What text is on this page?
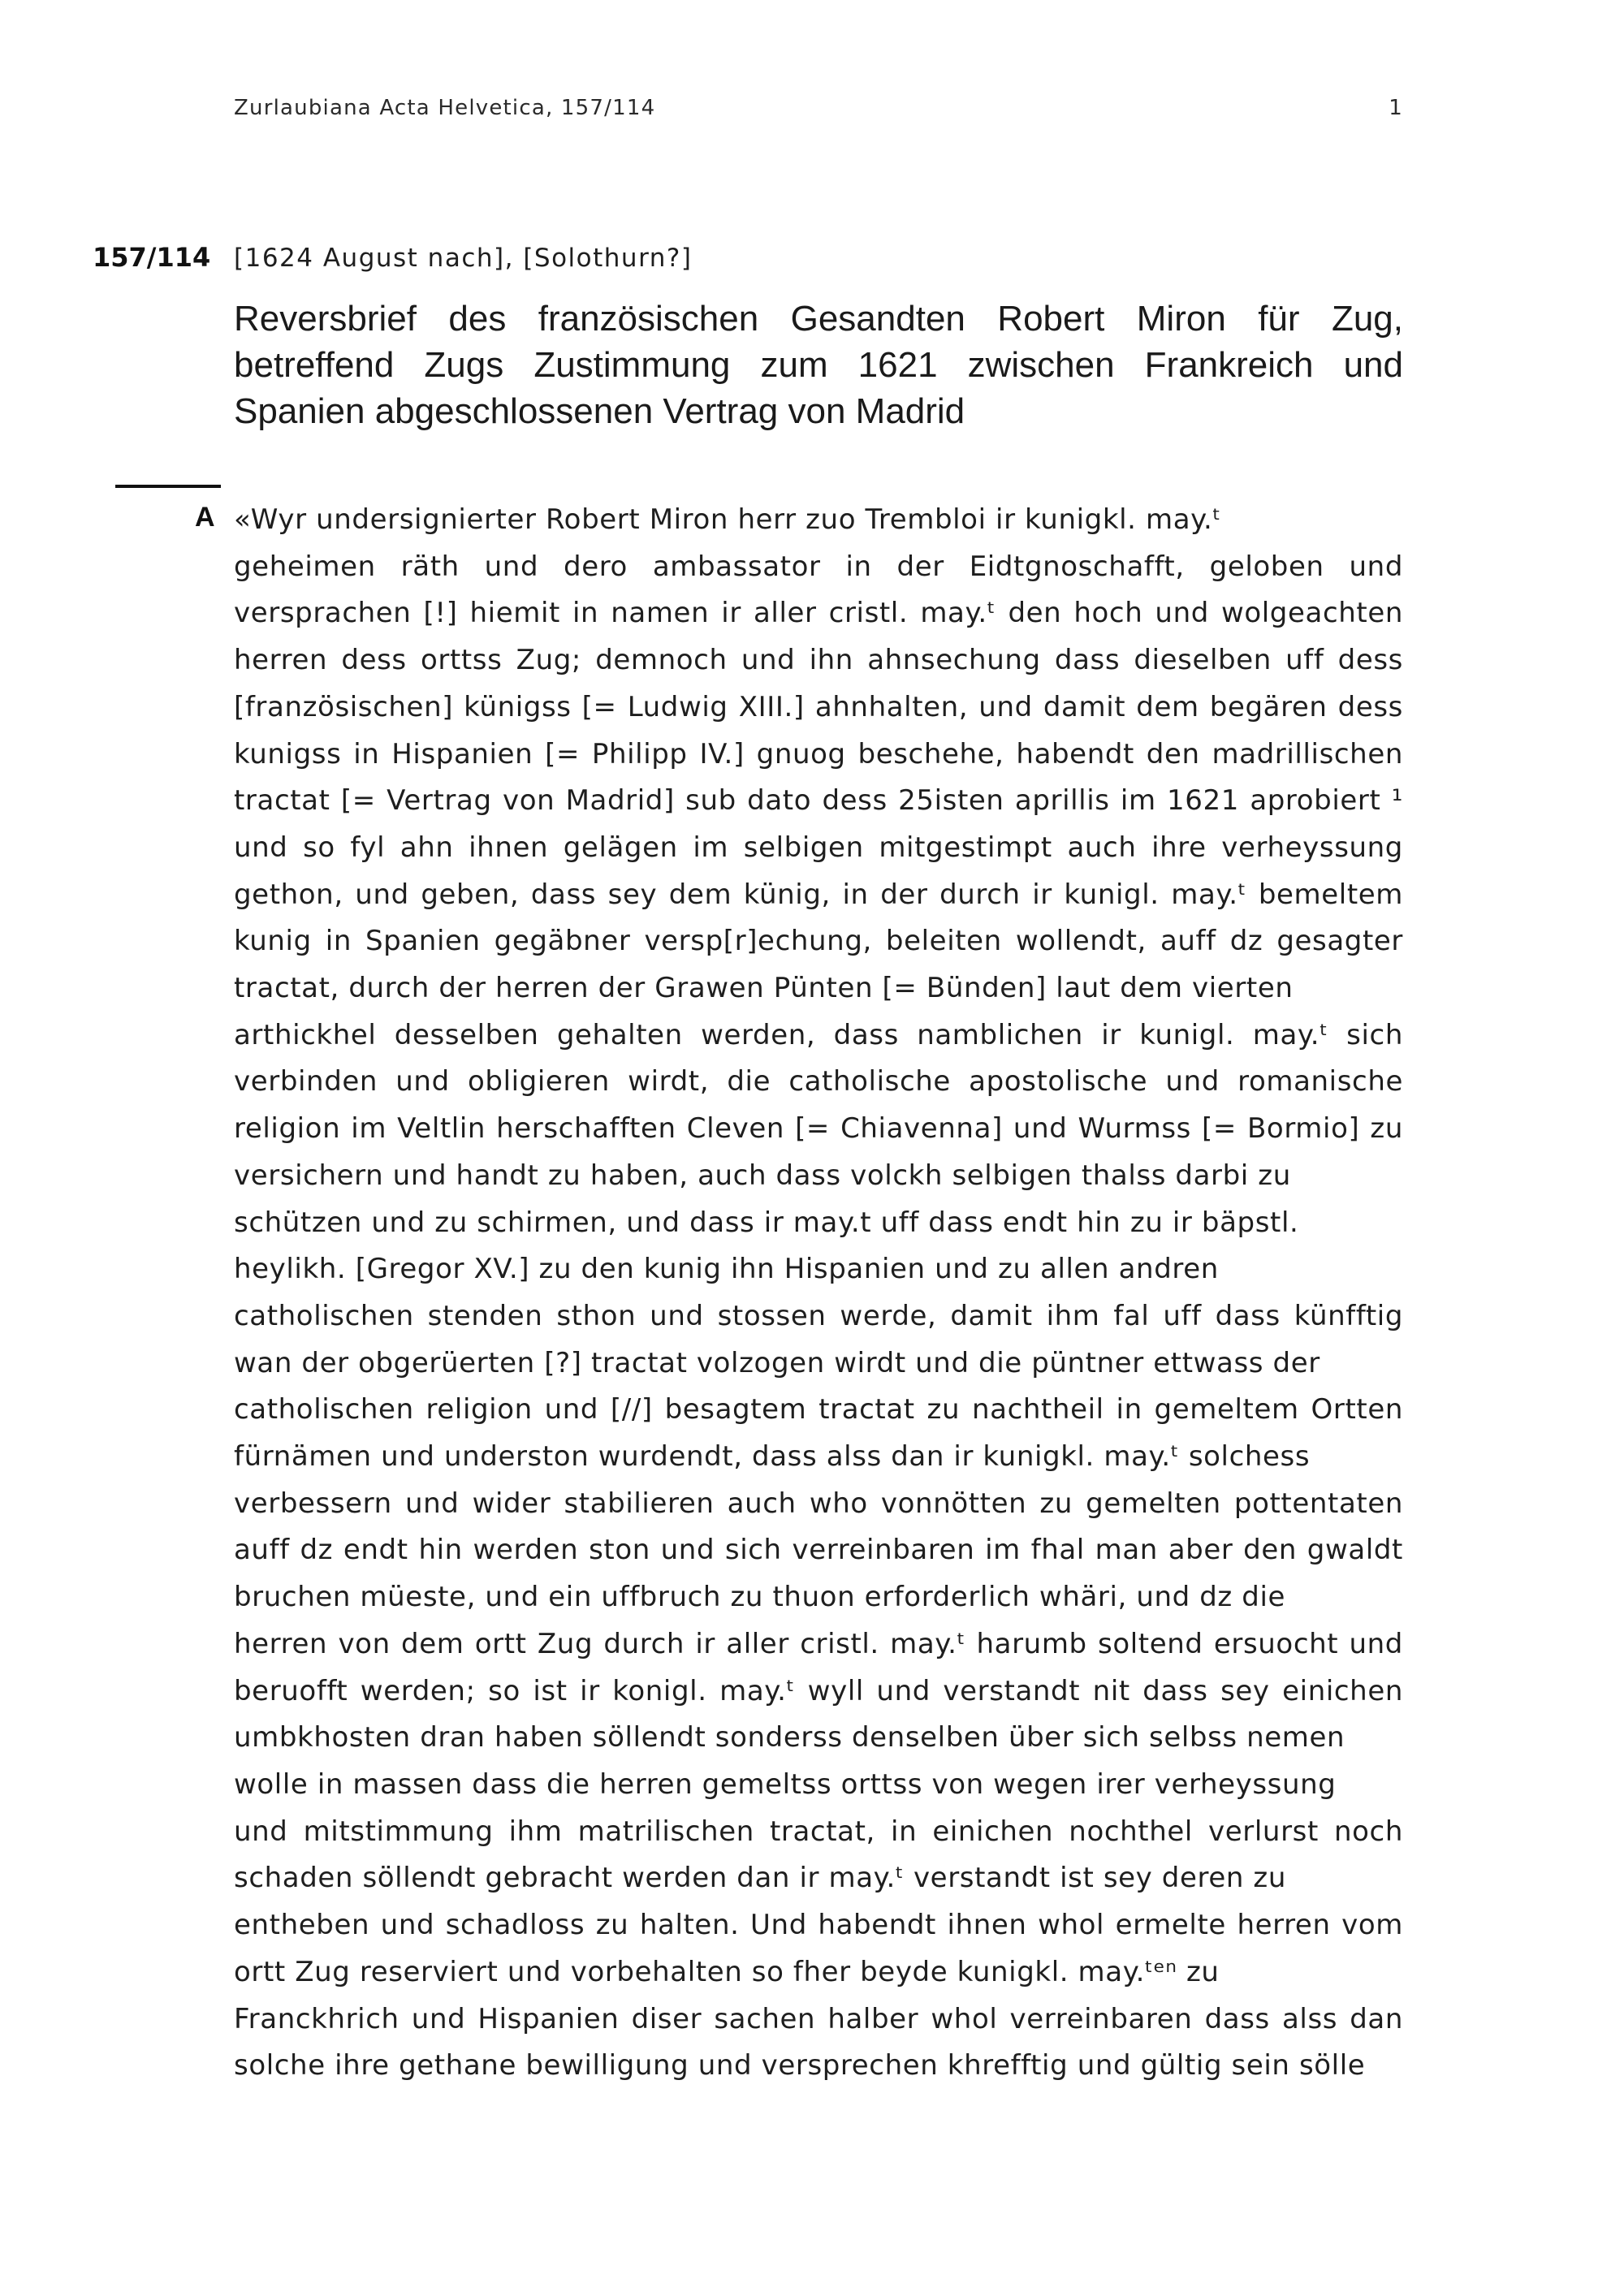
Zurlaubiana Acta Helvetica, 157/114	1
157/114 [1624 August nach], [Solothurn?]
Reversbrief des französischen Gesandten Robert Miron für Zug,
betreffend Zugs Zustimmung zum 1621 zwischen Frankreich und
Spanien abgeschlossenen Vertrag von Madrid
A «Wyr undersignierter Robert Miron herr zuo Trembloi ir kunigkl. may.ᵗ
geheimen räth und dero ambassator in der Eidtgnoschafft, geloben und
versprachen [!] hiemit in namen ir aller cristl. may.ᵗ den hoch und wolgeachten
herren dess orttss Zug; demnoch und ihn ahnsechung dass dieselben uff dess
[französischen] künigss [= Ludwig XIII.] ahnhalten, und damit dem begären dess
kunigss in Hispanien [= Philipp IV.] gnuog beschehe, habendt den madrillischen
tractat [= Vertrag von Madrid] sub dato dess 25isten aprillis im 1621 aprobiert ¹
und so fyl ahn ihnen gelägen im selbigen mitgestimpt auch ihre verheyssung
gethon, und geben, dass sey dem künig, in der durch ir kunigl. may.ᵗ bemeltem
kunig in Spanien gegäbner versp[r]echung, beleiten wollendt, auff dz gesagter
tractat, durch der herren der Grawen Pünten [= Bünden] laut dem vierten
arthickhel desselben gehalten werden, dass namblichen ir kunigl. may.ᵗ sich
verbinden und obligieren wirdt, die catholische apostolische und romanische
religion im Veltlin herschafften Cleven [= Chiavenna] und Wurmss [= Bormio] zu
versichern und handt zu haben, auch dass volckh selbigen thalss darbi zu
schützen und zu schirmen, und dass ir may.t uff dass endt hin zu ir bäpstl.
heylikh. [Gregor XV.] zu den kunig ihn Hispanien und zu allen andren
catholischen stenden sthon und stossen werde, damit ihm fal uff dass künfftig
wan der obgerüerten [?] tractat volzogen wirdt und die püntner ettwass der
catholischen religion und [//] besagtem tractat zu nachtheil in gemeltem Ortten
fürnämen und underston wurdendt, dass alss dan ir kunigkl. may.ᵗ solchess
verbessern und wider stabilieren auch who vonnötten zu gemelten pottentaten
auff dz endt hin werden ston und sich verreinbaren im fhal man aber den gwaldt
bruchen müeste, und ein uffbruch zu thuon erforderlich whäri, und dz die
herren von dem ortt Zug durch ir aller cristl. may.ᵗ harumb soltend ersuocht und
beruofft werden; so ist ir konigl. may.ᵗ wyll und verstandt nit dass sey einichen
umbkhosten dran haben söllendt sonderss denselben über sich selbss nemen
wolle in massen dass die herren gemeltss orttss von wegen irer verheyssung
und mitstimmung ihm matrilischen tractat, in einichen nochthel verlurst noch
schaden söllendt gebracht werden dan ir may.ᵗ verstandt ist sey deren zu
entheben und schadloss zu halten. Und habendt ihnen whol ermelte herren vom
ortt Zug reserviert und vorbehalten so fher beyde kunigkl. may.ᵗᵉⁿ zu
Franckhrich und Hispanien diser sachen halber whol verreinbaren dass alss dan
solche ihre gethane bewilligung und versprechen khrefftig und gültig sein sölle
